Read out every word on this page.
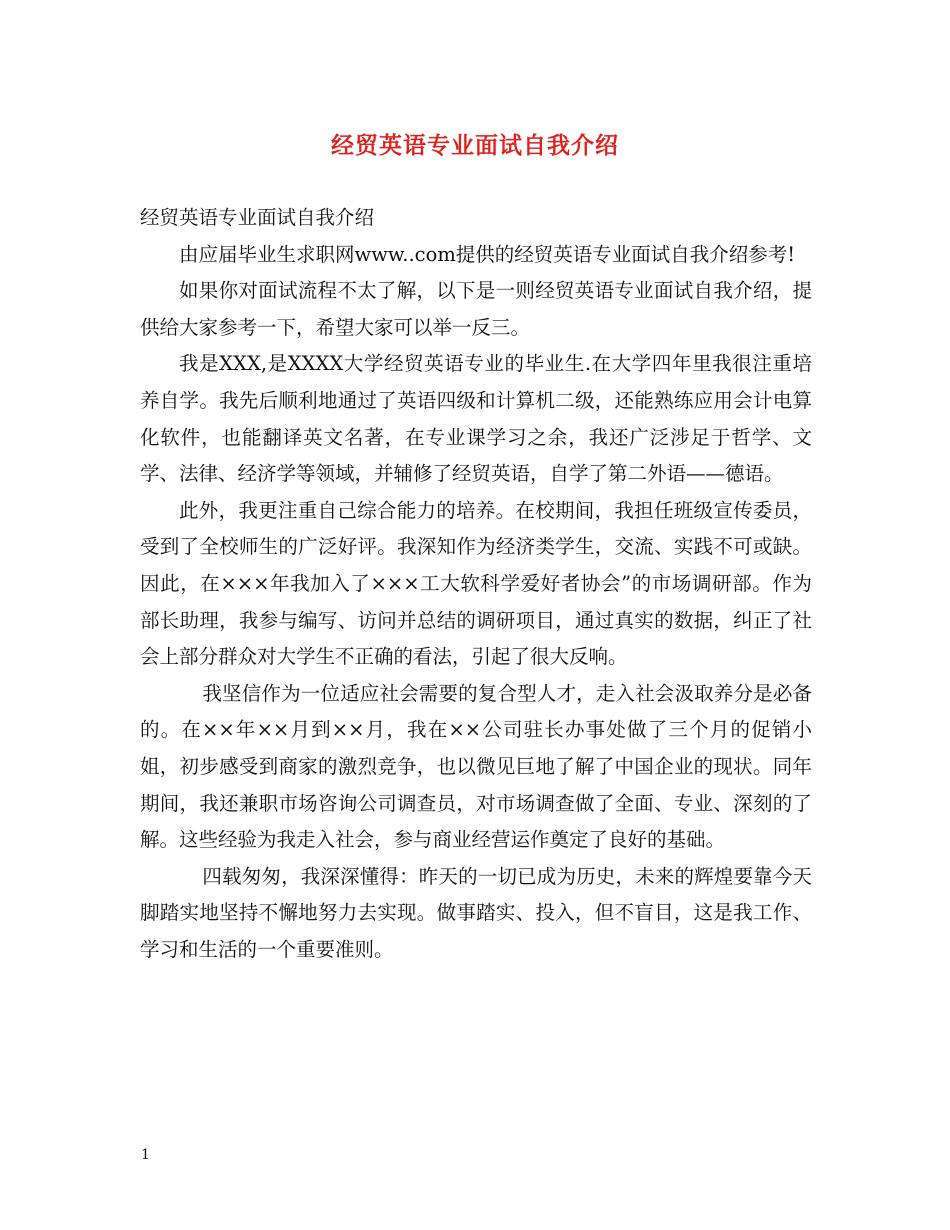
经贸英语专业面试自我介绍

经贸英语专业面试自我介绍

由应届毕业生求职网www..com提供的经贸英语专业面试自我介绍参考!

如果你对面试流程不太了解，以下是一则经贸英语专业面试自我介绍，提供给大家参考一下，希望大家可以举一反三。

我是XXX,是XXXX大学经贸英语专业的毕业生.在大学四年里我很注重培养自学。我先后顺利地通过了英语四级和计算机二级，还能熟练应用会计电算化软件，也能翻译英文名著，在专业课学习之余，我还广泛涉足于哲学、文学、法律、经济学等领域，并辅修了经贸英语，自学了第二外语——德语。

此外，我更注重自己综合能力的培养。在校期间，我担任班级宣传委员，受到了全校师生的广泛好评。我深知作为经济类学生，交流、实践不可或缺。因此，在×××年我加入了×××工大软科学爱好者协会”的市场调研部。作为部长助理，我参与编写、访问并总结的调研项目，通过真实的数据，纠正了社会上部分群众对大学生不正确的看法，引起了很大反响。

我坚信作为一位适应社会需要的复合型人才，走入社会汲取养分是必备的。在××年××月到××月，我在××公司驻长办事处做了三个月的促销小姐，初步感受到商家的激烈竞争，也以微见巨地了解了中国企业的现状。同年期间，我还兼职市场咨询公司调查员，对市场调查做了全面、专业、深刻的了解。这些经验为我走入社会，参与商业经营运作奠定了良好的基础。

四载匆匆，我深深懂得：昨天的一切已成为历史，未来的辉煌要靠今天脚踏实地坚持不懈地努力去实现。做事踏实、投入，但不盲目，这是我工作、学习和生活的一个重要准则。

1
